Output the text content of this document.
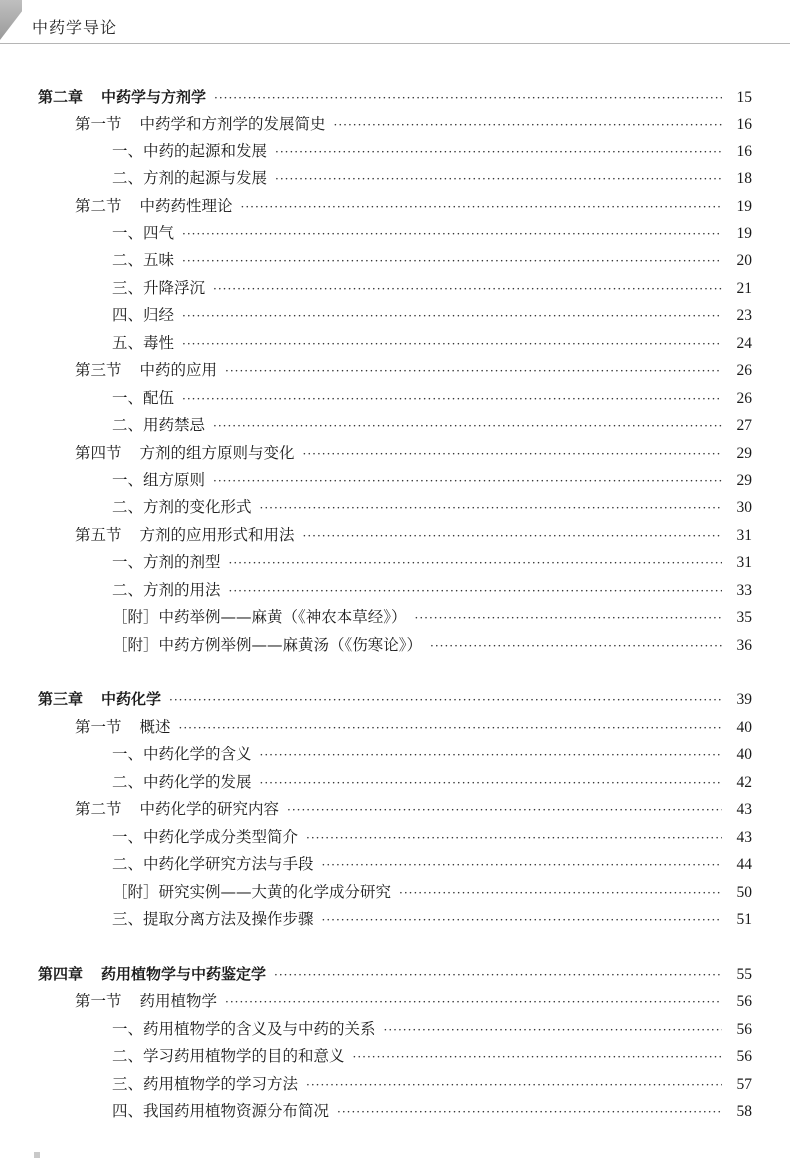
中药学导论
第二章 中药学与方剂学 ·····	15
第一节 中药学和方剂学的发展简史 ·····	16
一、中药的起源和发展 ·····	16
二、方剂的起源与发展 ·····	18
第二节 中药药性理论 ·····	19
一、四气 ·····	19
二、五味 ·····	20
三、升降浮沉 ·····	21
四、归经 ·····	23
五、毒性 ·····	24
第三节 中药的应用 ·····	26
一、配伍 ·····	26
二、用药禁忌 ·····	27
第四节 方剂的组方原则与变化 ·····	29
一、组方原则 ·····	29
二、方剂的变化形式 ·····	30
第五节 方剂的应用形式和用法 ·····	31
一、方剂的剂型 ·····	31
二、方剂的用法 ·····	33
［附］中药举例——麻黄（《神农本草经》） ·····	35
［附］中药方例举例——麻黄汤（《伤寒论》） ·····	36
第三章 中药化学 ·····	39
第一节 概述 ·····	40
一、中药化学的含义 ·····	40
二、中药化学的发展 ·····	42
第二节 中药化学的研究内容 ·····	43
一、中药化学成分类型简介 ·····	43
二、中药化学研究方法与手段 ·····	44
［附］研究实例——大黄的化学成分研究 ·····	50
三、提取分离方法及操作步骤 ·····	51
第四章 药用植物学与中药鉴定学 ·····	55
第一节 药用植物学 ·····	56
一、药用植物学的含义及与中药的关系 ·····	56
二、学习药用植物学的目的和意义 ·····	56
三、药用植物学的学习方法 ·····	57
四、我国药用植物资源分布简况 ·····	58
